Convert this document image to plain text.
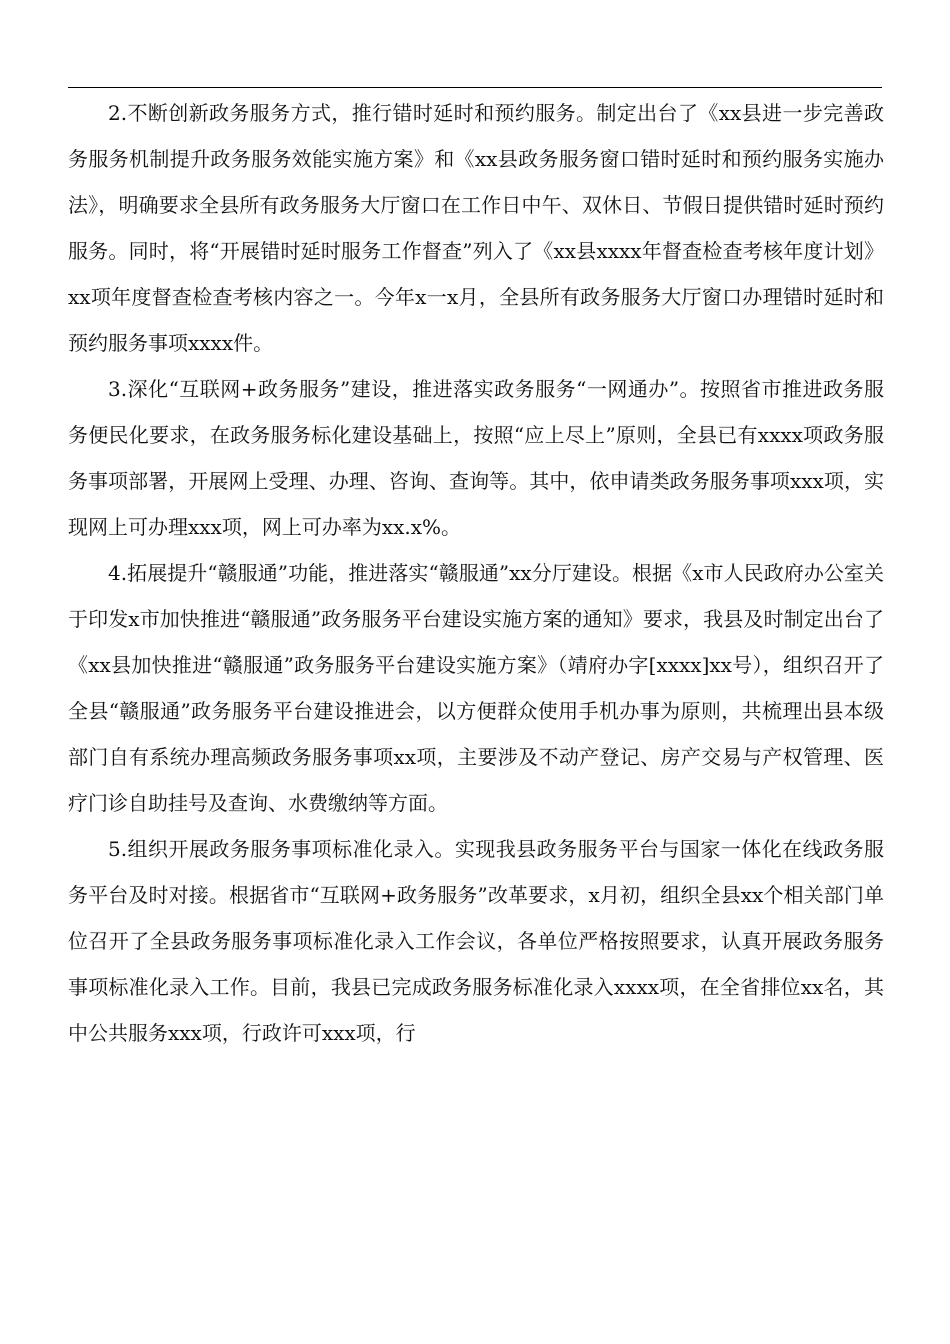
2.不断创新政务服务方式，推行错时延时和预约服务。制定出台了《xx县进一步完善政务服务机制提升政务服务效能实施方案》和《xx县政务服务窗口错时延时和预约服务实施办法》，明确要求全县所有政务服务大厅窗口在工作日中午、双休日、节假日提供错时延时预约服务。同时，将“开展错时延时服务工作督查”列入了《xx县xxxx年督查检查考核年度计划》xx项年度督查检查考核内容之一。今年x一x月，全县所有政务服务大厅窗口办理错时延时和预约服务事项xxxx件。

3.深化“互联网+政务服务”建设，推进落实政务服务“一网通办”。按照省市推进政务服务便民化要求，在政务服务标化建设基础上，按照“应上尽上”原则，全县已有xxxx项政务服务事项部署，开展网上受理、办理、咨询、查询等。其中，依申请类政务服务事项xxx项，实现网上可办理xxx项，网上可办率为xx.x%。

4.拓展提升“赣服通”功能，推进落实“赣服通”xx分厅建设。根据《x市人民政府办公室关于印发x市加快推进“赣服通”政务服务平台建设实施方案的通知》要求，我县及时制定出台了《xx县加快推进“赣服通”政务服务平台建设实施方案》（靖府办字[xxxx]xx号），组织召开了全县“赣服通”政务服务平台建设推进会，以方便群众使用手机办事为原则，共梳理出县本级部门自有系统办理高频政务服务事项xx项，主要涉及不动产登记、房产交易与产权管理、医疗门诊自助挂号及查询、水费缴纳等方面。

5.组织开展政务服务事项标准化录入。实现我县政务服务平台与国家一体化在线政务服务平台及时对接。根据省市“互联网+政务服务”改革要求，x月初，组织全县xx个相关部门单位召开了全县政务服务事项标准化录入工作会议，各单位严格按照要求，认真开展政务服务事项标准化录入工作。目前，我县已完成政务服务标准化录入xxxx项，在全省排位xx名，其中公共服务xxx项，行政许可xxx项，行
